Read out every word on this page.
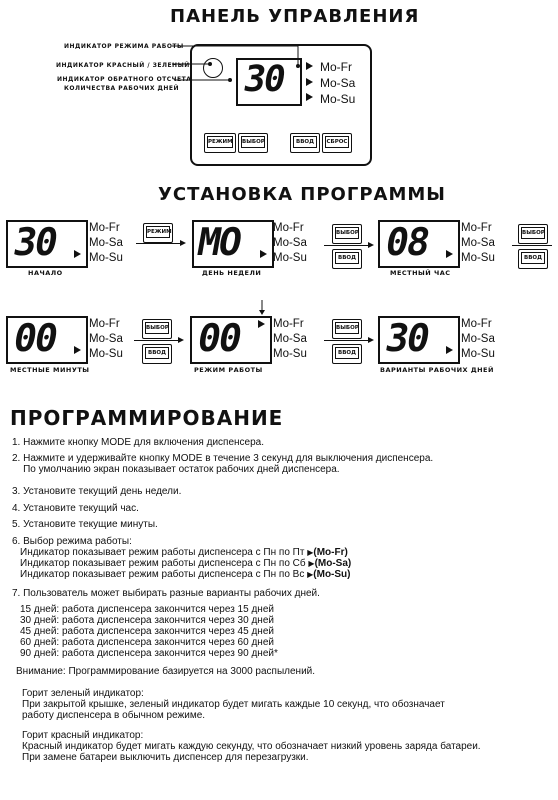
ПАНЕЛЬ УПРАВЛЕНИЯ
30	Mo-Fr
Mo-Sa
Mo-Su
РЕЖИМ ВЫБОР	ВВОД	СБРОС
ИНДИКАТОР РЕЖИМА РАБОТЫ
ИНДИКАТОР КРАСНЫЙ / ЗЕЛЕНЫЙ
ИНДИКАТОР ОБРАТНОГО ОТСЧЕТА
КОЛИЧЕСТВА РАБОЧИХ ДНЕЙ
УСТАНОВКА ПРОГРАММЫ
30	Mo-Fr
Mo-Sa
Mo-Su
НАЧАЛО
РЕЖИМ MO	Mo-Fr
Mo-Sa
Mo-Su
ДЕНЬ НЕДЕЛИ
ВЫБОР
ВВОД 08	Mo-Fr
Mo-Sa
Mo-Su
МЕСТНЫЙ ЧАС
ВЫБОР
ВВОД
00	Mo-Fr
Mo-Sa
Mo-Su
МЕСТНЫЕ МИНУТЫ
ВЫБОР
ВВОД 00	Mo-Fr
Mo-Sa
Mo-Su
РЕЖИМ РАБОТЫ
ВЫБОР
ВВОД 30	Mo-Fr
Mo-Sa
Mo-Su
ВАРИАНТЫ РАБОЧИХ ДНЕЙ
ПРОГРАММИРОВАНИЕ
1. Нажмите кнопку MODE для включения диспенсера.
2. Нажмите и удерживайте кнопку MODE в течение 3 секунд для выключения диспенсера.
По умолчанию экран показывает остаток рабочих дней диспенсера.
3. Установите текущий день недели.
4. Установите текущий час.
5. Установите текущие минуты.
6. Выбор режима работы:
Индикатор показывает режим работы диспенсера с Пн по Пт ▶(Mo-Fr)
Индикатор показывает режим работы диспенсера с Пн по Сб ▶(Mo-Sa)
Индикатор показывает режим работы диспенсера с Пн по Вс ▶(Mo-Su)
7. Пользователь может выбирать разные варианты рабочих дней.
15 дней: работа диспенсера закончится через 15 дней
30 дней: работа диспенсера закончится через 30 дней
45 дней: работа диспенсера закончится через 45 дней
60 дней: работа диспенсера закончится через 60 дней
90 дней: работа диспенсера закончится через 90 дней*
Внимание: Программирование базируется на 3000 распылений.
Горит зеленый индикатор:
При закрытой крышке, зеленый индикатор будет мигать каждые 10 секунд, что обозначает
работу диспенсера в обычном режиме.
Горит красный индикатор:
Красный индикатор будет мигать каждую секунду, что обозначает низкий уровень заряда батареи.
При замене батареи выключить диспенсер для перезагрузки.
